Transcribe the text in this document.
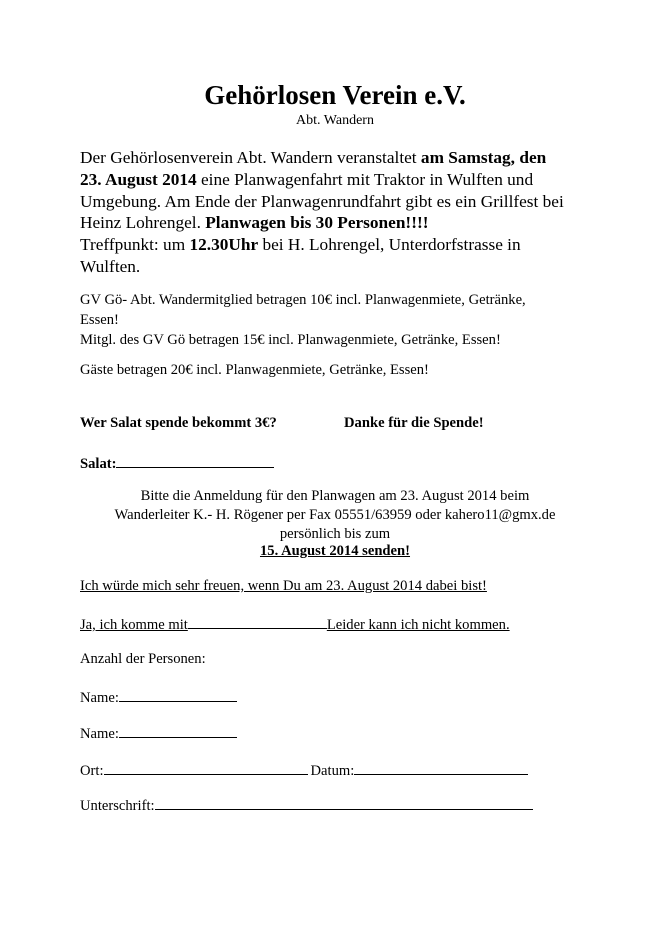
Gehörlosen Verein e.V.
Abt. Wandern

Der Gehörlosenverein Abt. Wandern veranstaltet am Samstag, den

23. August 2014 eine Planwagenfahrt mit Traktor in Wulften und

Umgebung. Am Ende der Planwagenrundfahrt gibt es ein Grillfest bei

Heinz Lohrengel. Planwagen bis 30 Personen!!!!

Treffpunkt: um 12.30Uhr bei H. Lohrengel, Unterdorfstrasse in

Wulften.

GV Gö- Abt. Wandermitglied betragen 10€ incl. Planwagenmiete, Getränke,

Essen!

Mitgl. des GV Gö betragen 15€ incl. Planwagenmiete, Getränke, Essen!

Gäste betragen 20€ incl. Planwagenmiete, Getränke, Essen!
Wer Salat spende bekommt 3€?	Danke für die Spende!
Salat:
Bitte die Anmeldung für den Planwagen am 23. August 2014 beim
Wanderleiter K.- H. Rögener per Fax 05551/63959 oder kahero11@gmx.de
persönlich bis zum
15. August 2014 senden!
Ich würde mich sehr freuen, wenn Du am 23. August 2014 dabei bist!
Ja, ich komme mit	Leider kann ich nicht kommen.
Anzahl der Personen:
Name:
Name:
Ort:	Datum:
Unterschrift:
